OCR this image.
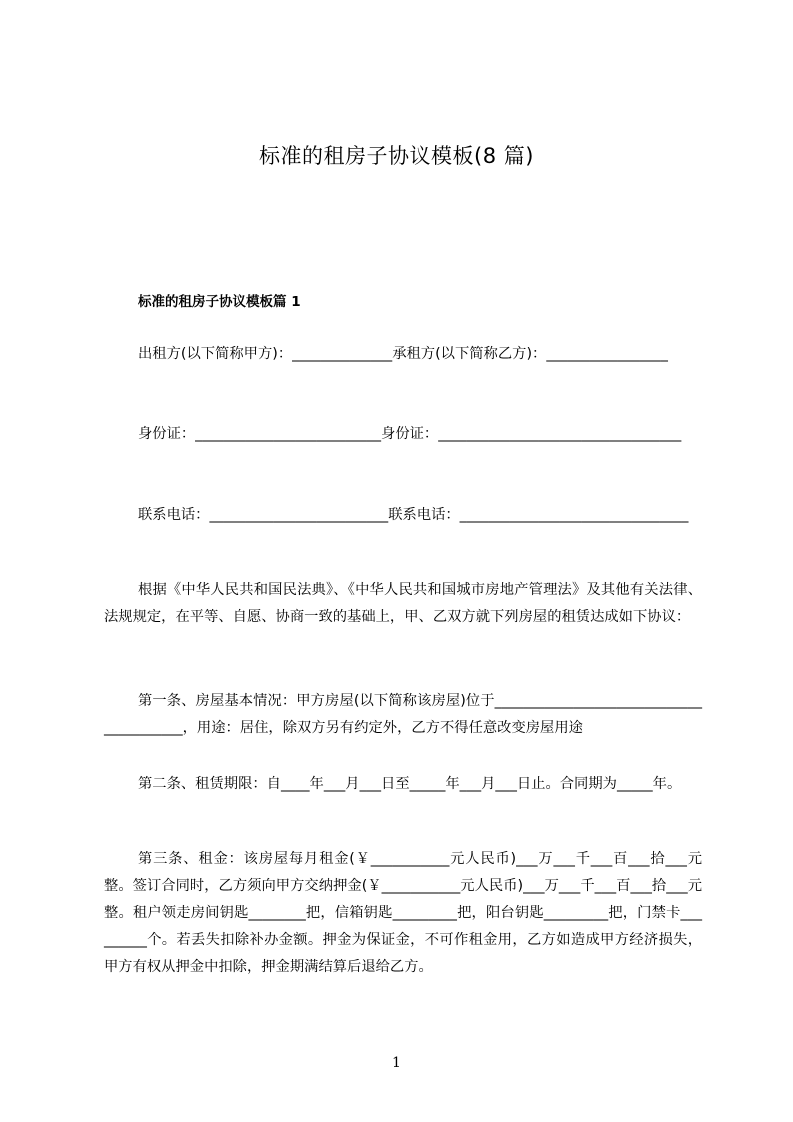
标准的租房子协议模板(8 篇)
标准的租房子协议模板篇 1
出租方(以下简称甲方)：______________承租方(以下简称乙方)：_________________
身份证：__________________________身份证：__________________________________
联系电话：_________________________联系电话：________________________________
根据《中华人民共和国民法典》、《中华人民共和国城市房地产管理法》及其他有关法律、法规规定，在平等、自愿、协商一致的基础上，甲、乙双方就下列房屋的租赁达成如下协议：
第一条、房屋基本情况：甲方房屋(以下简称该房屋)位于________________________________________，用途：居住，除双方另有约定外，乙方不得任意改变房屋用途
第二条、租赁期限：自____年___月___日至_____年___月___日止。合同期为_____年。
第三条、租金：该房屋每月租金(￥___________元人民币)___万___千___百___拾___元整。签订合同时，乙方须向甲方交纳押金(￥___________元人民币)___万___千___百___拾___元整。租户领走房间钥匙________把，信箱钥匙_________把，阳台钥匙_________把，门禁卡_________个。若丢失扣除补办金额。押金为保证金，不可作租金用，乙方如造成甲方经济损失，甲方有权从押金中扣除，押金期满结算后退给乙方。
1
